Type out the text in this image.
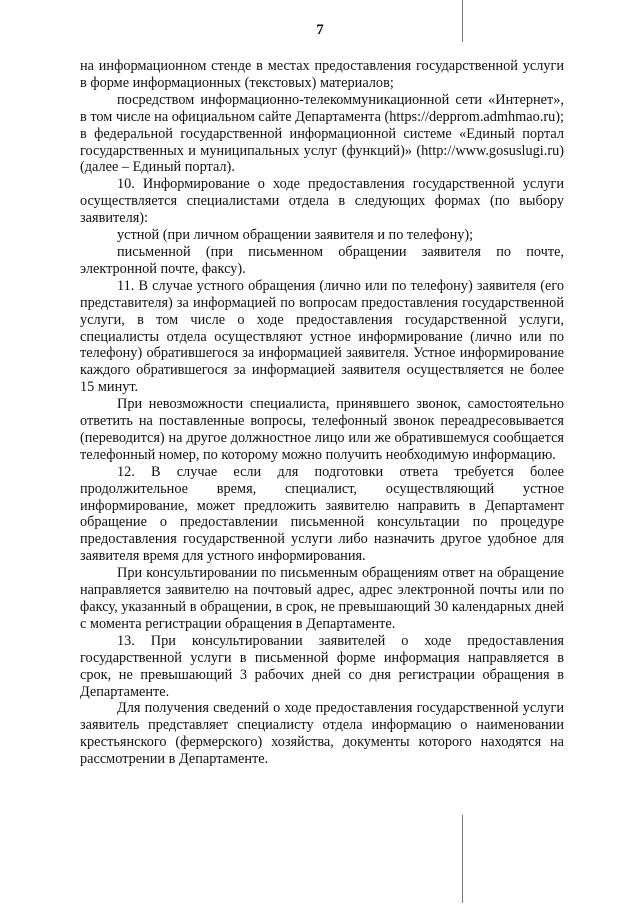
7

на информационном стенде в местах предоставления государственной услуги в форме информационных (текстовых) материалов;

посредством информационно-телекоммуникационной сети «Интернет», в том числе на официальном сайте Департамента (https://depprom.admhmao.ru); в федеральной государственной информационной системе «Единый портал государственных и муниципальных услуг (функций)» (http://www.gosuslugi.ru) (далее – Единый портал).

10. Информирование о ходе предоставления государственной услуги осуществляется специалистами отдела в следующих формах (по выбору заявителя):

устной (при личном обращении заявителя и по телефону);

письменной (при письменном обращении заявителя по почте, электронной почте, факсу).

11. В случае устного обращения (лично или по телефону) заявителя (его представителя) за информацией по вопросам предоставления государственной услуги, в том числе о ходе предоставления государственной услуги, специалисты отдела осуществляют устное информирование (лично или по телефону) обратившегося за информацией заявителя. Устное информирование каждого обратившегося за информацией заявителя осуществляется не более 15 минут.

При невозможности специалиста, принявшего звонок, самостоятельно ответить на поставленные вопросы, телефонный звонок переадресовывается (переводится) на другое должностное лицо или же обратившемуся сообщается телефонный номер, по которому можно получить необходимую информацию.

12. В случае если для подготовки ответа требуется более продолжительное время, специалист, осуществляющий устное информирование, может предложить заявителю направить в Департамент обращение о предоставлении письменной консультации по процедуре предоставления государственной услуги либо назначить другое удобное для заявителя время для устного информирования.

При консультировании по письменным обращениям ответ на обращение направляется заявителю на почтовый адрес, адрес электронной почты или по факсу, указанный в обращении, в срок, не превышающий 30 календарных дней с момента регистрации обращения в Департаменте.

13. При консультировании заявителей о ходе предоставления государственной услуги в письменной форме информация направляется в срок, не превышающий 3 рабочих дней со дня регистрации обращения в Департаменте.

Для получения сведений о ходе предоставления государственной услуги заявитель представляет специалисту отдела информацию о наименовании крестьянского (фермерского) хозяйства, документы которого находятся на рассмотрении в Департаменте.
